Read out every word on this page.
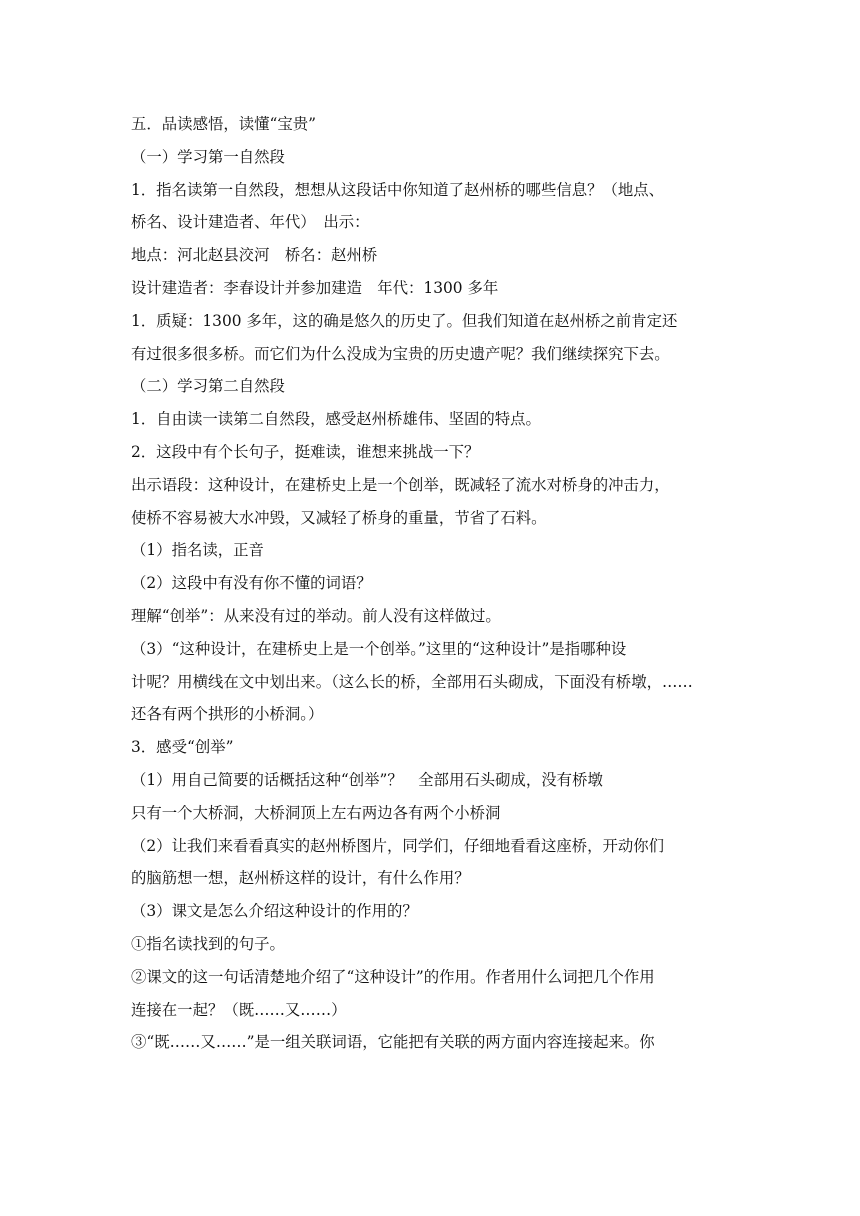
五．品读感悟，读懂“宝贵”
（一）学习第一自然段
1．指名读第一自然段，想想从这段话中你知道了赵州桥的哪些信息？（地点、
桥名、设计建造者、年代）　出示：
地点：河北赵县洨河　桥名：赵州桥
设计建造者：李春设计并参加建造　年代：1300 多年
1．质疑：1300 多年，这的确是悠久的历史了。但我们知道在赵州桥之前肯定还
有过很多很多桥。而它们为什么没成为宝贵的历史遗产呢？我们继续探究下去。
（二）学习第二自然段
1．自由读一读第二自然段，感受赵州桥雄伟、坚固的特点。
2．这段中有个长句子，挺难读，谁想来挑战一下？
出示语段：这种设计，在建桥史上是一个创举，既减轻了流水对桥身的冲击力，
使桥不容易被大水冲毁，又减轻了桥身的重量，节省了石料。
（1）指名读，正音
（2）这段中有没有你不懂的词语？
理解“创举”：从来没有过的举动。前人没有这样做过。
（3）“这种设计，在建桥史上是一个创举。”这里的“这种设计”是指哪种设
计呢？用横线在文中划出来。（这么长的桥，全部用石头砌成，下面没有桥墩，……
还各有两个拱形的小桥洞。）
3．感受“创举”
（1）用自己简要的话概括这种“创举”？　全部用石头砌成，没有桥墩
只有一个大桥洞，大桥洞顶上左右两边各有两个小桥洞
（2）让我们来看看真实的赵州桥图片，同学们，仔细地看看这座桥，开动你们
的脑筋想一想，赵州桥这样的设计，有什么作用？
（3）课文是怎么介绍这种设计的作用的？
①指名读找到的句子。
②课文的这一句话清楚地介绍了“这种设计”的作用。作者用什么词把几个作用
连接在一起？（既……又……）
③“既……又……”是一组关联词语，它能把有关联的两方面内容连接起来。你
